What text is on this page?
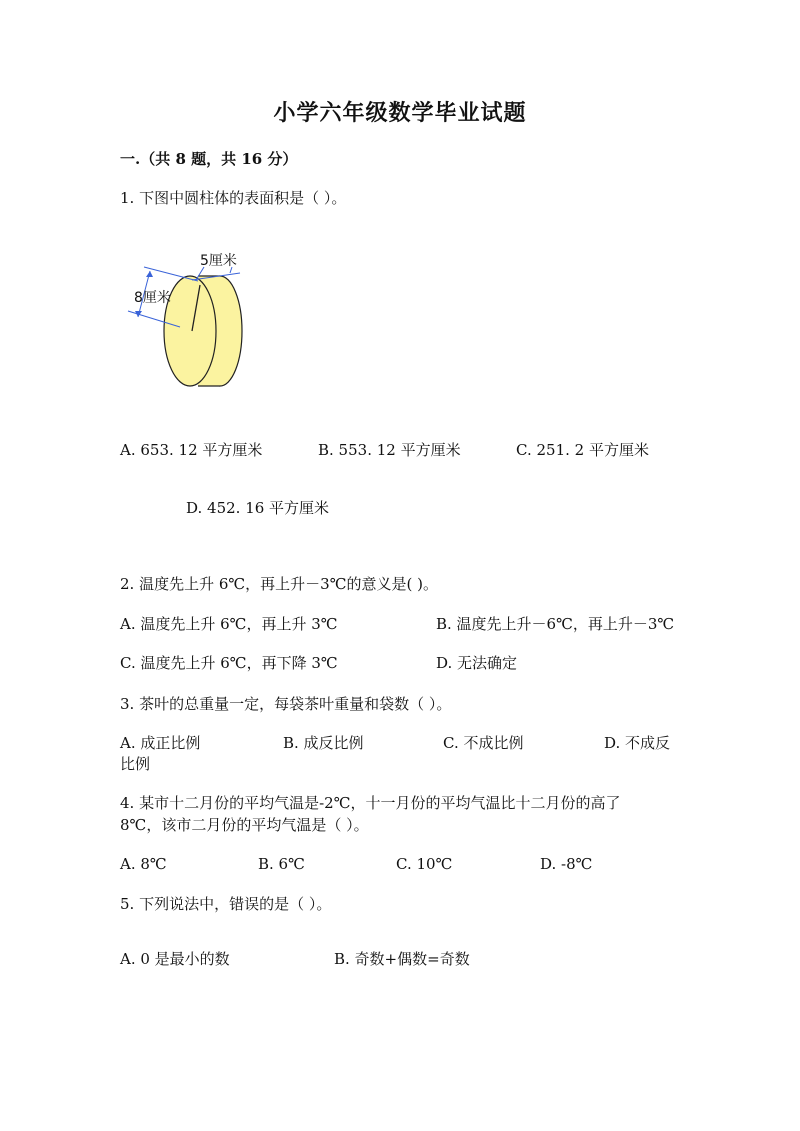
小学六年级数学毕业试题
一.（共 8 题，共 16 分）
1. 下图中圆柱体的表面积是（ ）。
5厘米
8厘米
A. 653. 12 平方厘米	B. 553. 12 平方厘米	C. 251. 2 平方厘米
D. 452. 16 平方厘米
2. 温度先上升 6℃，再上升－3℃的意义是( )。
A. 温度先上升 6℃，再上升 3℃	B. 温度先上升－6℃，再上升－3℃
C. 温度先上升 6℃，再下降 3℃	D. 无法确定
3. 茶叶的总重量一定，每袋茶叶重量和袋数（ ）。
A. 成正比例	B. 成反比例	C. 不成比例	D. 不成反
比例
4. 某市十二月份的平均气温是-2℃，十一月份的平均气温比十二月份的高了
8℃，该市二月份的平均气温是（ ）。
A. 8℃	B. 6℃	C. 10℃	D. -8℃
5. 下列说法中，错误的是（ ）。
A. 0 是最小的数	B. 奇数+偶数=奇数
